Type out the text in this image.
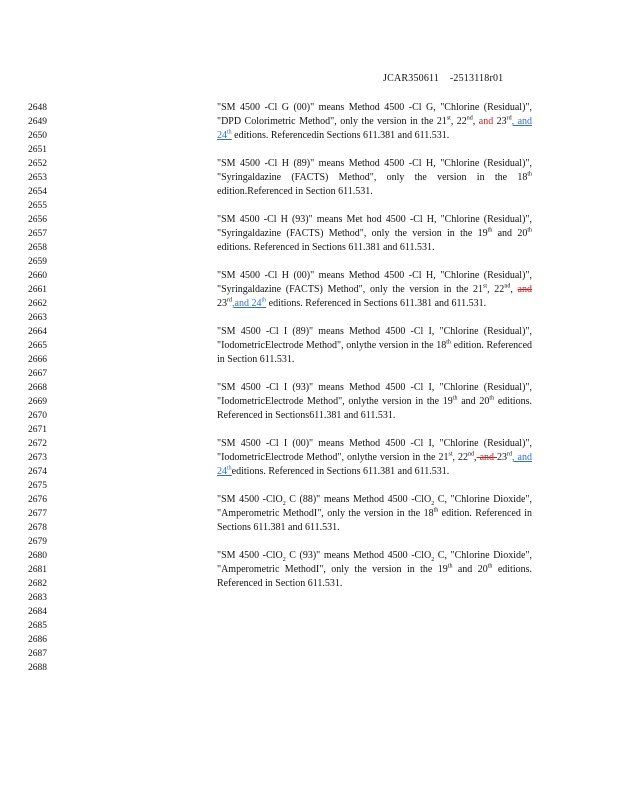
JCAR350611    -2513118r01
2648
2649
2650
2651
2652
2653
2654
2655
2656
2657
2658
2659
2660
2661
2662
2663
2664
2665
2666
2667
2668
2669
2670
2671
2672
2673
2674
2675
2676
2677
2678
2679
2680
2681
2682
2683
2684
2685
2686
2687
2688

"SM 4500 -Cl G (00)" means Method 4500 -Cl G, "Chlorine (Residual)", "DPD Colorimetric Method", only the version in the 21st, 22nd, and 23rd, and 24th editions. Referencedin Sections 611.381 and 611.531.

"SM 4500 -Cl H (89)" means Method 4500 -Cl H, "Chlorine (Residual)", "Syringaldazine (FACTS) Method", only the version in the 18th edition.Referenced in Section 611.531.

"SM 4500 -Cl H (93)" means Met hod 4500 -Cl H, "Chlorine (Residual)", "Syringaldazine (FACTS) Method", only the version in the 19th and 20th editions. Referenced in Sections 611.381 and 611.531.

"SM 4500 -Cl H (00)" means Method 4500 -Cl H, "Chlorine (Residual)", "Syringaldazine (FACTS) Method", only the version in the 21st, 22nd, and 23rd,and 24th editions. Referenced in Sections 611.381 and 611.531.

"SM 4500 -Cl I (89)" means Method 4500 -Cl I, "Chlorine (Residual)", "IodometricElectrode Method", onlythe version in the 18th edition. Referenced in Section 611.531.

"SM 4500 -Cl I (93)" means Method 4500 -Cl I, "Chlorine (Residual)", "IodometricElectrode Method", onlythe version in the 19th and 20th editions. Referenced in Sections611.381 and 611.531.

"SM 4500 -Cl I (00)" means Method 4500 -Cl I, "Chlorine (Residual)", "IodometricElectrode Method", onlythe version in the 21st, 22nd, and 23rd, and 24theditions. Referenced in Sections 611.381 and 611.531.

"SM 4500 -ClO$_2$ C (88)" means Method 4500 -ClO$_2$ C, "Chlorine Dioxide", "Amperometric MethodI", only the version in the 18th edition. Referenced in Sections 611.381 and 611.531.

"SM 4500 -ClO$_2$ C (93)" means Method 4500 -ClO$_2$ C, "Chlorine Dioxide", "Amperometric MethodI", only the version in the 19th and 20th editions. Referenced in Section 611.531.
